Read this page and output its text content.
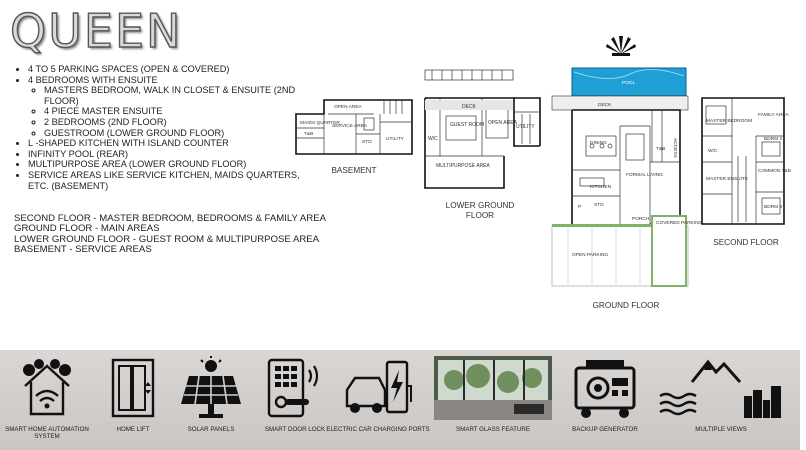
QUEEN
• 4 TO 5 PARKING SPACES (OPEN & COVERED)
• 4 BEDROOMS WITH ENSUITE
◦ MASTERS BEDROOM, WALK IN CLOSET & ENSUITE (2ND FLOOR)
◦ 4 PIECE MASTER ENSUITE
◦ 2 BEDROOMS (2ND FLOOR)
◦ GUESTROOM (LOWER GROUND FLOOR)
• L -SHAPED KITCHEN WITH ISLAND COUNTER
• INFINITY POOL (REAR)
• MULTIPURPOSE AREA (LOWER GROUND FLOOR)
• SERVICE AREAS LIKE SERVICE KITCHEN, MAIDS QUARTERS, ETC. (BASEMENT)
SECOND FLOOR - MASTER BEDROOM, BEDROOMS & FAMILY AREA
GROUND FLOOR - MAIN AREAS
LOWER GROUND FLOOR - GUEST ROOM & MULTIPURPOSE AREA
BASEMENT - SERVICE AREAS
OPEN AREA
MAIDS QUARTER
T&B
SERVICE AREA
STO
UTILITY
BASEMENT
DECK
W/C
GUEST ROOM OPEN AREA
UTILITY
MULTIPURPOSE AREA
LOWER GROUND FLOOR
POOL
DECK
DINING
KITCHEN
FORMAL LIVING
T&B ACCESS
STO
P
PORCH
COVERED PARKING
OPEN PARKING
GROUND FLOOR
MASTER BEDROOM
FAMILY AREA
BDRM 2
W/C
MASTER ENSUITE
COMMON T&B
BDRM 3
SECOND FLOOR
SMART HOME AUTOMATION SYSTEM
HOME LIFT	SOLAR PANELS	SMART DOOR LOCK ELECTRIC CAR CHARGING PORTS	SMART GLASS FEATURE	BACKUP GENERATOR	MULTIPLE VIEWS
